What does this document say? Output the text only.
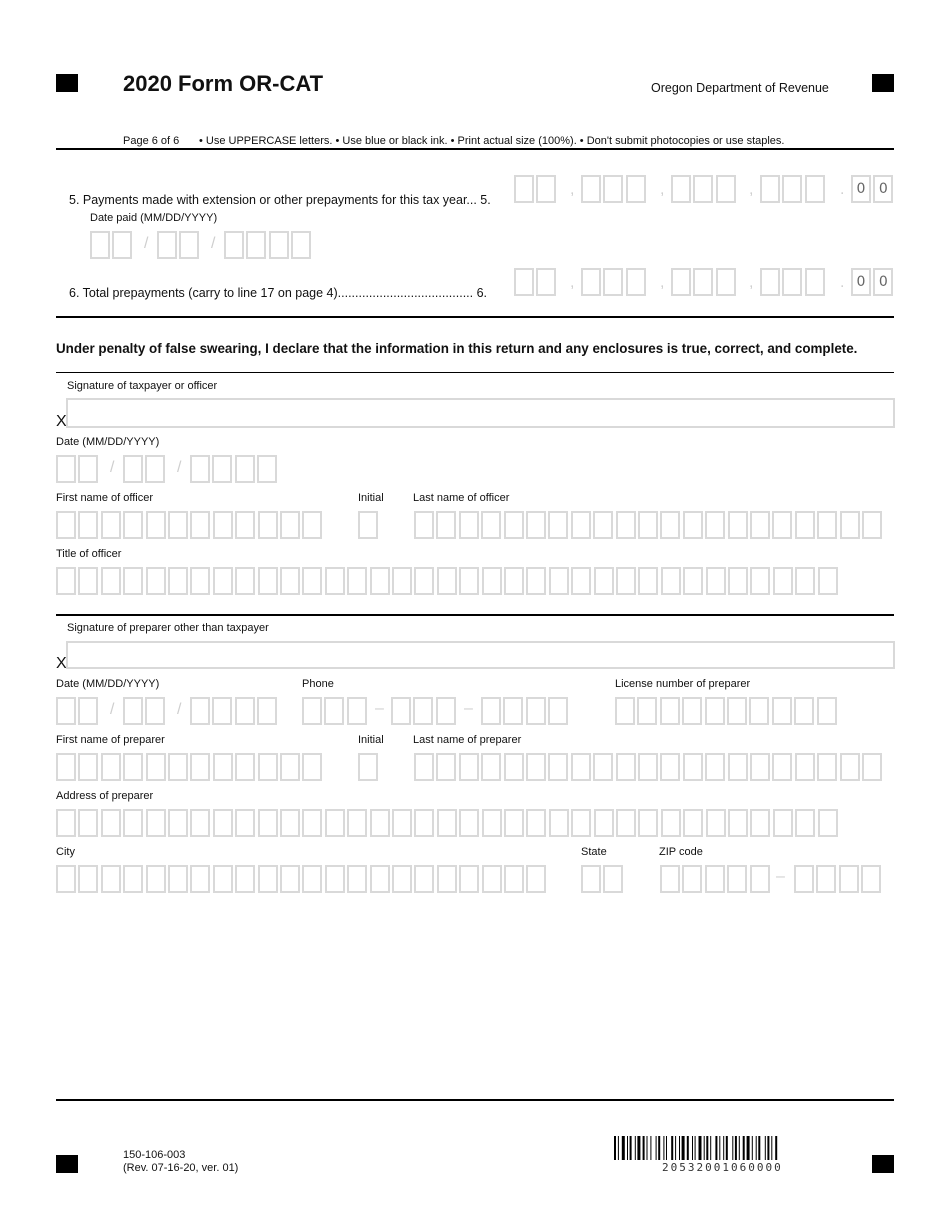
2020 Form OR-CAT	Oregon Department of Revenue
Page 6 of 6 • Use UPPERCASE letters. • Use blue or black ink. • Print actual size (100%). • Don't submit photocopies or use staples.
5. Payments made with extension or other prepayments for this tax year... 5.
Date paid (MM/DD/YYYY)
,	,	,	. 0 0
/	/
6. Total prepayments (carry to line 17 on page 4)....................................... 6.
,	,	,	. 0 0
Under penalty of false swearing, I declare that the information in this return and any enclosures is true, correct, and complete.
Signature of taxpayer or officer
X
Date (MM/DD/YYYY)
/	/
First name of officer	Initial	Last name of officer
Title of officer
Signature of preparer other than taxpayer
X
Date (MM/DD/YYYY)	Phone	License number of preparer
/	/	–	–
First name of preparer	Initial	Last name of preparer
Address of preparer
City	State	ZIP code
–
150-106-003
(Rev. 07-16-20, ver. 01)	20532001060000
